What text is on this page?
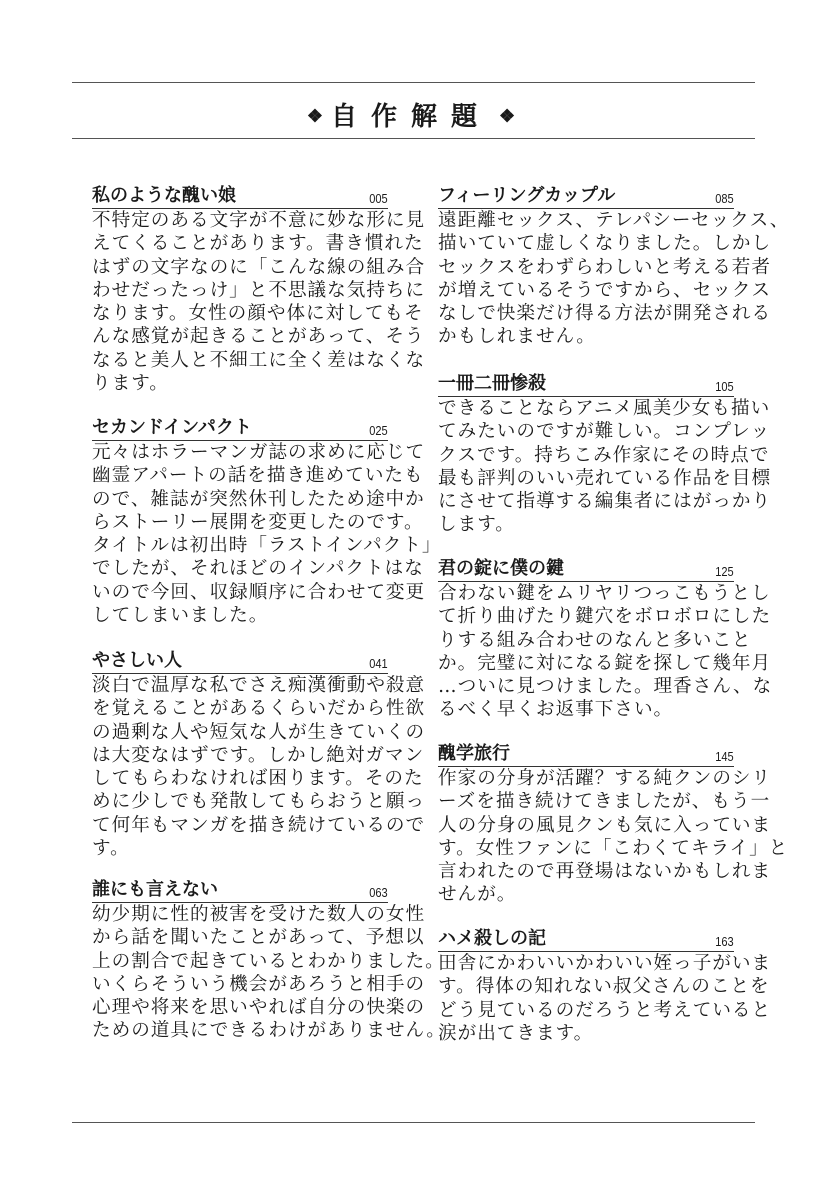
❖ 自作解題 ❖
私のような醜い娘	005
不特定のある文字が不意に妙な形に見
えてくることがあります。書き慣れた
はずの文字なのに「こんな線の組み合
わせだったっけ」と不思議な気持ちに
なります。女性の顔や体に対してもそ
んな感覚が起きることがあって、そう
なると美人と不細工に全く差はなくな
ります。
セカンドインパクト	025
元々はホラーマンガ誌の求めに応じて
幽霊アパートの話を描き進めていたも
ので、雑誌が突然休刊したため途中か
らストーリー展開を変更したのです。
タイトルは初出時「ラストインパクト」
でしたが、それほどのインパクトはな
いので今回、収録順序に合わせて変更
してしまいました。
やさしい人	041
淡白で温厚な私でさえ痴漢衝動や殺意
を覚えることがあるくらいだから性欲
の過剰な人や短気な人が生きていくの
は大変なはずです。しかし絶対ガマン
してもらわなければ困ります。そのた
めに少しでも発散してもらおうと願っ
て何年もマンガを描き続けているので
す。
誰にも言えない	063
幼少期に性的被害を受けた数人の女性
から話を聞いたことがあって、予想以
上の割合で起きているとわかりました。
いくらそういう機会があろうと相手の
心理や将来を思いやれば自分の快楽の
ための道具にできるわけがありません。
フィーリングカップル	085
遠距離セックス、テレパシーセックス、
描いていて虚しくなりました。しかし
セックスをわずらわしいと考える若者
が増えているそうですから、セックス
なしで快楽だけ得る方法が開発される
かもしれません。
一冊二冊惨殺	105
できることならアニメ風美少女も描い
てみたいのですが難しい。コンプレッ
クスです。持ちこみ作家にその時点で
最も評判のいい売れている作品を目標
にさせて指導する編集者にはがっかり
します。
君の錠に僕の鍵	125
合わない鍵をムリヤリつっこもうとし
て折り曲げたり鍵穴をボロボロにした
りする組み合わせのなんと多いこと
か。完璧に対になる錠を探して幾年月
…ついに見つけました。理香さん、な
るべく早くお返事下さい。
醜学旅行	145
作家の分身が活躍？する純クンのシリ
ーズを描き続けてきましたが、もう一
人の分身の風見クンも気に入っていま
す。女性ファンに「こわくてキライ」と
言われたので再登場はないかもしれま
せんが。
ハメ殺しの記	163
田舎にかわいいかわいい姪っ子がいま
す。得体の知れない叔父さんのことを
どう見ているのだろうと考えていると
涙が出てきます。
